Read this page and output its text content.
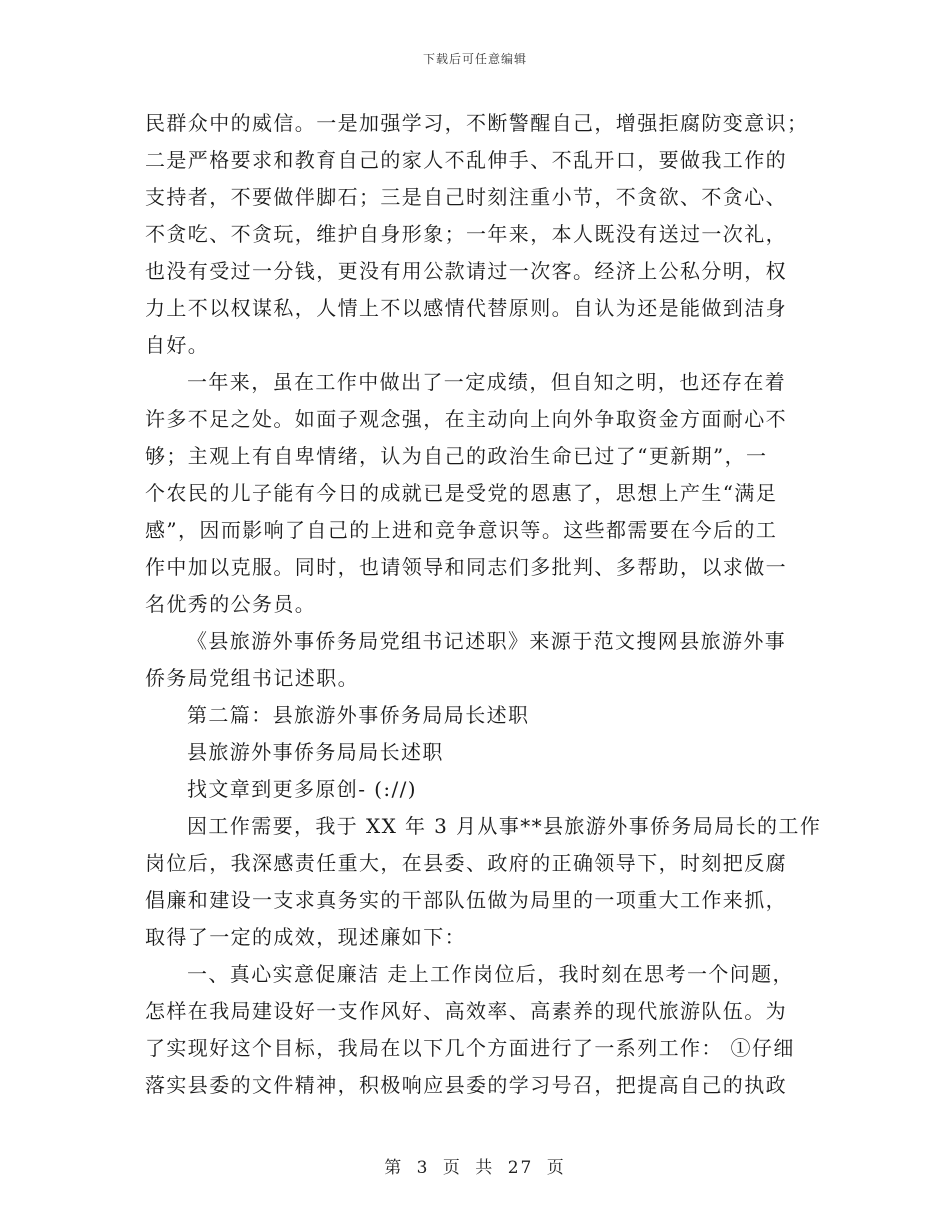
下载后可任意编辑
民群众中的威信。一是加强学习，不断警醒自己，增强拒腐防变意识；
二是严格要求和教育自己的家人不乱伸手、不乱开口，要做我工作的
支持者，不要做伴脚石；三是自己时刻注重小节，不贪欲、不贪心、
不贪吃、不贪玩，维护自身形象；一年来，本人既没有送过一次礼，
也没有受过一分钱，更没有用公款请过一次客。经济上公私分明，权
力上不以权谋私，人情上不以感情代替原则。自认为还是能做到洁身
自好。
一年来，虽在工作中做出了一定成绩，但自知之明，也还存在着
许多不足之处。如面子观念强，在主动向上向外争取资金方面耐心不
够；主观上有自卑情绪，认为自己的政治生命已过了“更新期”，一
个农民的儿子能有今日的成就已是受党的恩惠了，思想上产生“满足
感”，因而影响了自己的上进和竞争意识等。这些都需要在今后的工
作中加以克服。同时，也请领导和同志们多批判、多帮助，以求做一
名优秀的公务员。
《县旅游外事侨务局党组书记述职》来源于范文搜网县旅游外事
侨务局党组书记述职。
第二篇：县旅游外事侨务局局长述职
县旅游外事侨务局局长述职
找文章到更多原创- (://)
因工作需要，我于 XX 年 3 月从事**县旅游外事侨务局局长的工作
岗位后，我深感责任重大，在县委、政府的正确领导下，时刻把反腐
倡廉和建设一支求真务实的干部队伍做为局里的一项重大工作来抓，
取得了一定的成效，现述廉如下：
一、真心实意促廉洁 走上工作岗位后，我时刻在思考一个问题，
怎样在我局建设好一支作风好、高效率、高素养的现代旅游队伍。为
了实现好这个目标，我局在以下几个方面进行了一系列工作： ①仔细
落实县委的文件精神，积极响应县委的学习号召，把提高自己的执政
第 3 页 共 27 页
